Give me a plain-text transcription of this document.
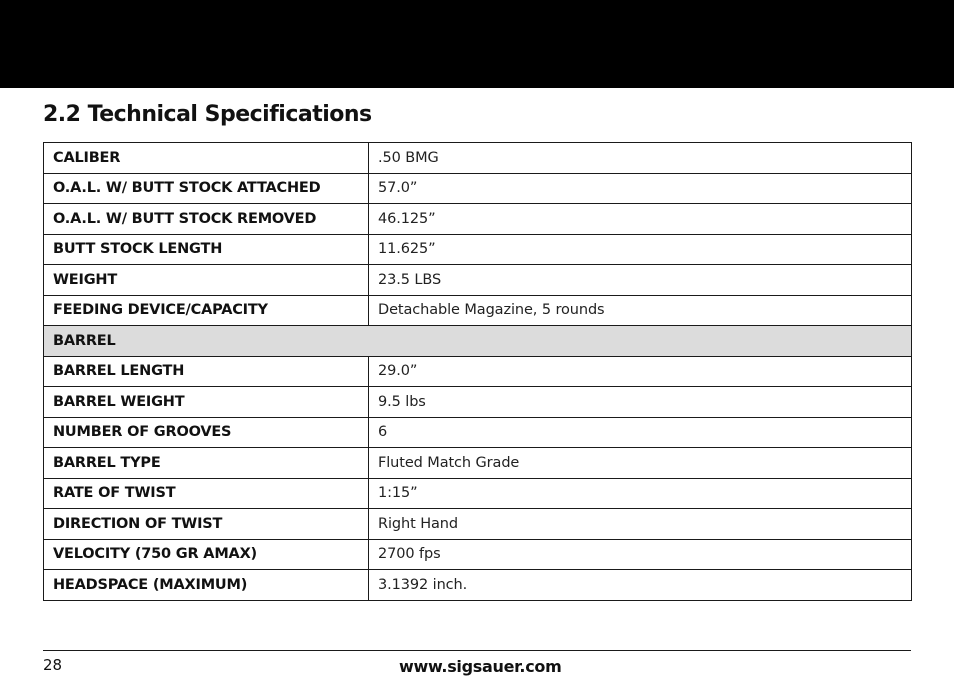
2.2 Technical Specifications
CALIBER	.50 BMG
O.A.L. W/ BUTT STOCK ATTACHED	57.0”
O.A.L. W/ BUTT STOCK REMOVED	46.125”
BUTT STOCK LENGTH	11.625”
WEIGHT	23.5 LBS
FEEDING DEVICE/CAPACITY	Detachable Magazine, 5 rounds
BARREL	
BARREL LENGTH	29.0”
BARREL WEIGHT	9.5 lbs
NUMBER OF GROOVES	6
BARREL TYPE	Fluted Match Grade
RATE OF TWIST	1:15”
DIRECTION OF TWIST	Right Hand
VELOCITY (750 GR AMAX)	2700 fps
HEADSPACE (MAXIMUM)	3.1392 inch.
28	www.sigsauer.com
